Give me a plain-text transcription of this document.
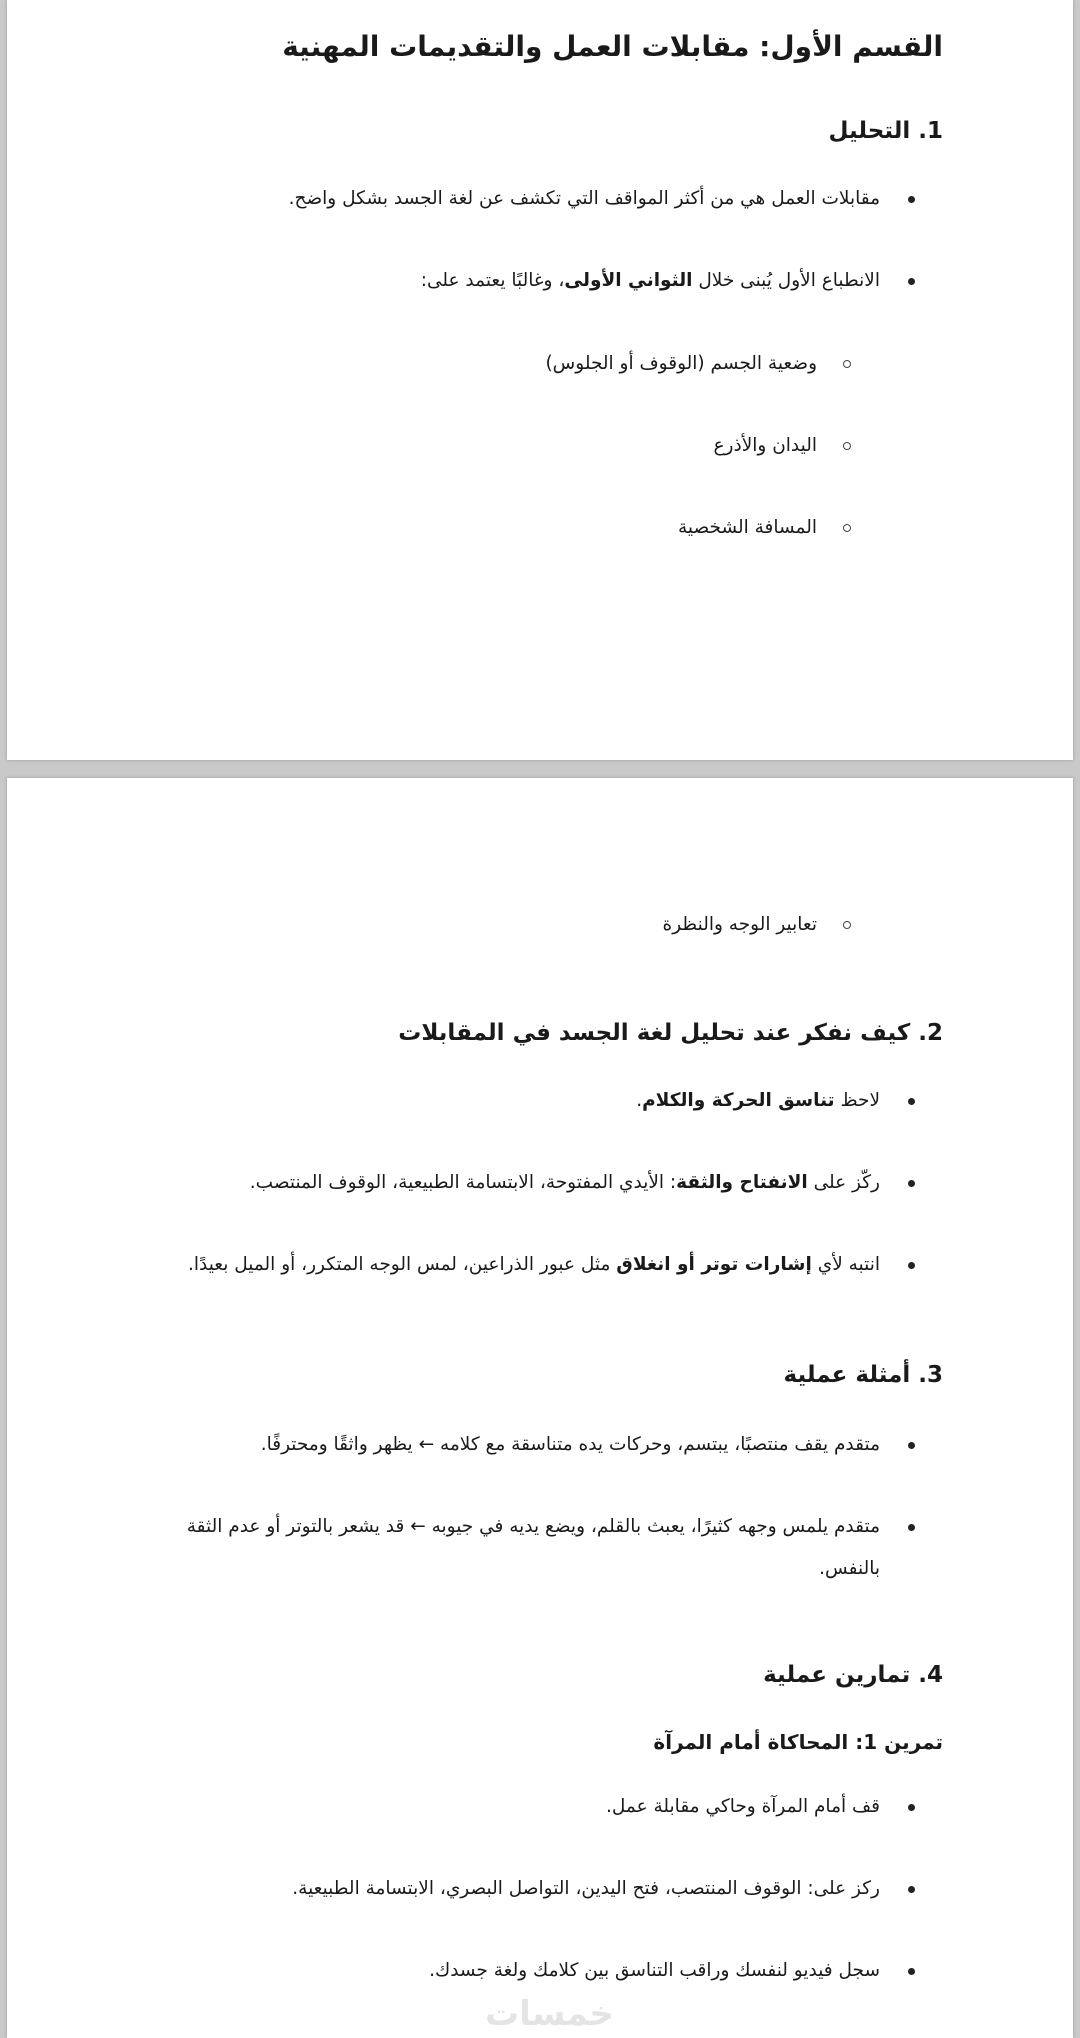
القسم الأول: مقابلات العمل والتقديمات المهنية
1. التحليل

مقابلات العمل هي من أكثر المواقف التي تكشف عن لغة الجسد بشكل واضح.

الانطباع الأول يُبنى خلال الثواني الأولى، وغالبًا يعتمد على:

وضعية الجسم (الوقوف أو الجلوس)

اليدان والأذرع

المسافة الشخصية

تعابير الوجه والنظرة

2. كيف نفكر عند تحليل لغة الجسد في المقابلات

لاحظ تناسق الحركة والكلام.

ركّز على الانفتاح والثقة: الأيدي المفتوحة، الابتسامة الطبيعية، الوقوف المنتصب.

انتبه لأي إشارات توتر أو انغلاق مثل عبور الذراعين، لمس الوجه المتكرر، أو الميل بعيدًا.

3. أمثلة عملية

متقدم يقف منتصبًا، يبتسم، وحركات يده متناسقة مع كلامه ← يظهر واثقًا ومحترفًا.

متقدم يلمس وجهه كثيرًا، يعبث بالقلم، ويضع يديه في جيوبه ← قد يشعر بالتوتر أو عدم الثقة بالنفس.

4. تمارين عملية
تمرين 1: المحاكاة أمام المرآة

قف أمام المرآة وحاكي مقابلة عمل.

ركز على: الوقوف المنتصب، فتح اليدين، التواصل البصري، الابتسامة الطبيعية.

سجل فيديو لنفسك وراقب التناسق بين كلامك ولغة جسدك.

خمسات
